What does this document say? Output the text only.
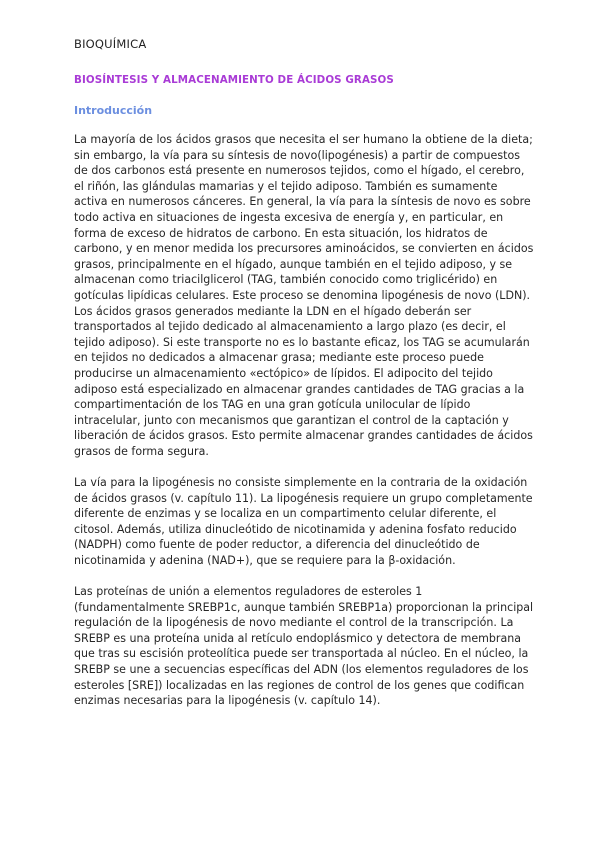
BIOQUÍMICA
BIOSÍNTESIS Y ALMACENAMIENTO DE ÁCIDOS GRASOS
Introducción

La mayoría de los ácidos grasos que necesita el ser humano la obtiene de la dieta; sin embargo, la vía para su síntesis de novo(lipogénesis) a partir de compuestos de dos carbonos está presente en numerosos tejidos, como el hígado, el cerebro, el riñón, las glándulas mamarias y el tejido adiposo. También es sumamente activa en numerosos cánceres. En general, la vía para la síntesis de novo es sobre todo activa en situaciones de ingesta excesiva de energía y, en particular, en forma de exceso de hidratos de carbono. En esta situación, los hidratos de carbono, y en menor medida los precursores aminoácidos, se convierten en ácidos grasos, principalmente en el hígado, aunque también en el tejido adiposo, y se almacenan como triacilglicerol (TAG, también conocido como triglicérido) en gotículas lipídicas celulares. Este proceso se denomina lipogénesis de novo (LDN). Los ácidos grasos generados mediante la LDN en el hígado deberán ser transportados al tejido dedicado al almacenamiento a largo plazo (es decir, el tejido adiposo). Si este transporte no es lo bastante eficaz, los TAG se acumularán en tejidos no dedicados a almacenar grasa; mediante este proceso puede producirse un almacenamiento «ectópico» de lípidos. El adipocito del tejido adiposo está especializado en almacenar grandes cantidades de TAG gracias a la compartimentación de los TAG en una gran gotícula unilocular de lípido intracelular, junto con mecanismos que garantizan el control de la captación y liberación de ácidos grasos. Esto permite almacenar grandes cantidades de ácidos grasos de forma segura.

La vía para la lipogénesis no consiste simplemente en la contraria de la oxidación de ácidos grasos (v. capítulo 11). La lipogénesis requiere un grupo completamente diferente de enzimas y se localiza en un compartimento celular diferente, el citosol. Además, utiliza dinucleótido de nicotinamida y adenina fosfato reducido (NADPH) como fuente de poder reductor, a diferencia del dinucleótido de nicotinamida y adenina (NAD+), que se requiere para la β-oxidación.

Las proteínas de unión a elementos reguladores de esteroles 1 (fundamentalmente SREBP1c, aunque también SREBP1a) proporcionan la principal regulación de la lipogénesis de novo mediante el control de la transcripción. La SREBP es una proteína unida al retículo endoplásmico y detectora de membrana que tras su escisión proteolítica puede ser transportada al núcleo. En el núcleo, la SREBP se une a secuencias específicas del ADN (los elementos reguladores de los esteroles [SRE]) localizadas en las regiones de control de los genes que codifican enzimas necesarias para la lipogénesis (v. capítulo 14).
